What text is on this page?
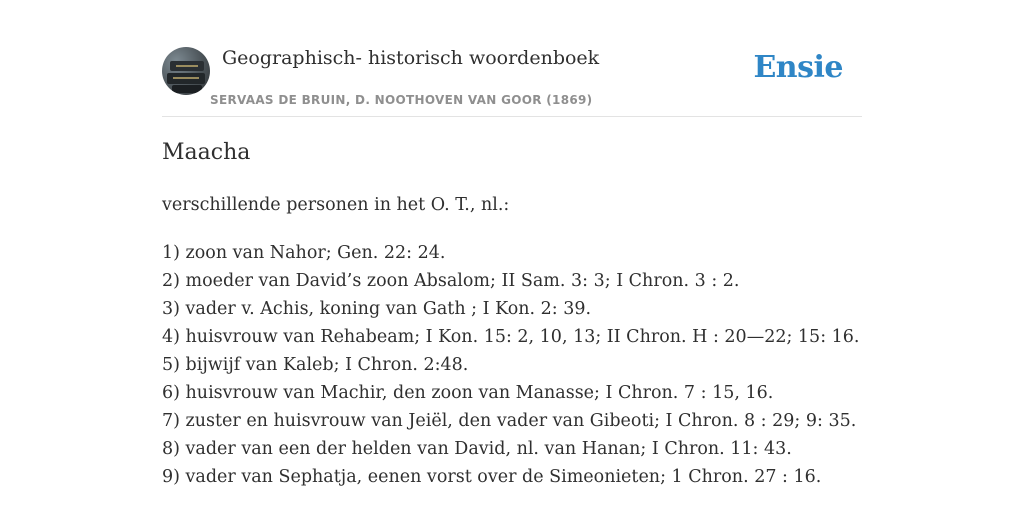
Geographisch- historisch woordenboek
SERVAAS DE BRUIN, D. NOOTHOVEN VAN GOOR (1869)
Ensie
Maacha

verschillende personen in het O. T., nl.:

1) zoon van Nahor; Gen. 22: 24.
2) moeder van David’s zoon Absalom; II Sam. 3: 3; I Chron. 3 : 2.
3) vader v. Achis, koning van Gath ; I Kon. 2: 39.
4) huisvrouw van Rehabeam; I Kon. 15: 2, 10, 13; II Chron. H : 20—22; 15: 16.
5) bijwijf van Kaleb; I Chron. 2:48.
6) huisvrouw van Machir, den zoon van Manasse; I Chron. 7 : 15, 16.
7) zuster en huisvrouw van Jeiël, den vader van Gibeoti; I Chron. 8 : 29; 9: 35.
8) vader van een der helden van David, nl. van Hanan; I Chron. 11: 43.
9) vader van Sephatja, eenen vorst over de Simeonieten; 1 Chron. 27 : 16.
